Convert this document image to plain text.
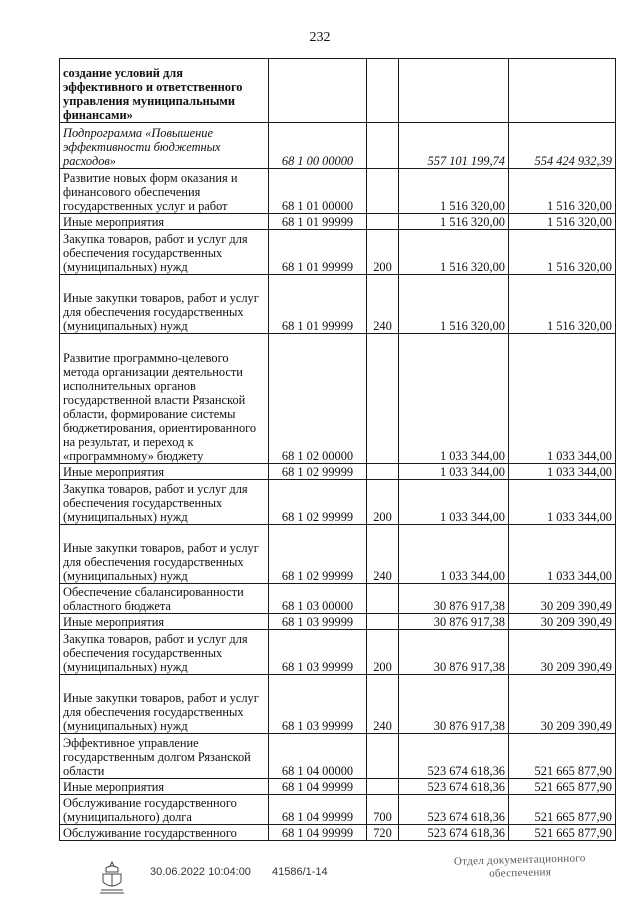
232
создание условий для эффективного и ответственного управления муниципальными финансами»				
Подпрограмма «Повышение эффективности бюджетных расходов»	68 1 00 00000		557 101 199,74	554 424 932,39
Развитие новых форм оказания и финансового обеспечения государственных услуг и работ	68 1 01 00000		1 516 320,00	1 516 320,00
Иные мероприятия	68 1 01 99999		1 516 320,00	1 516 320,00
Закупка товаров, работ и услуг для обеспечения государственных (муниципальных) нужд	68 1 01 99999	200	1 516 320,00	1 516 320,00
Иные закупки товаров, работ и услуг для обеспечения государственных (муниципальных) нужд	68 1 01 99999	240	1 516 320,00	1 516 320,00
Развитие программно-целевого метода организации деятельности исполнительных органов государственной власти Рязанской области, формирование системы бюджетирования, ориентированного на результат, и переход к «программному» бюджету	68 1 02 00000		1 033 344,00	1 033 344,00
Иные мероприятия	68 1 02 99999		1 033 344,00	1 033 344,00
Закупка товаров, работ и услуг для обеспечения государственных (муниципальных) нужд	68 1 02 99999	200	1 033 344,00	1 033 344,00
Иные закупки товаров, работ и услуг для обеспечения государственных (муниципальных) нужд	68 1 02 99999	240	1 033 344,00	1 033 344,00
Обеспечение сбалансированности областного бюджета	68 1 03 00000		30 876 917,38	30 209 390,49
Иные мероприятия	68 1 03 99999		30 876 917,38	30 209 390,49
Закупка товаров, работ и услуг для обеспечения государственных (муниципальных) нужд	68 1 03 99999	200	30 876 917,38	30 209 390,49
Иные закупки товаров, работ и услуг для обеспечения государственных (муниципальных) нужд	68 1 03 99999	240	30 876 917,38	30 209 390,49
Эффективное управление государственным долгом Рязанской области	68 1 04 00000		523 674 618,36	521 665 877,90
Иные мероприятия	68 1 04 99999		523 674 618,36	521 665 877,90
Обслуживание государственного (муниципального) долга	68 1 04 99999	700	523 674 618,36	521 665 877,90
Обслуживание государственного	68 1 04 99999	720	523 674 618,36	521 665 877,90
30.06.2022 10:04:00 41586/1-14
Отдел документационного
обеспечения
